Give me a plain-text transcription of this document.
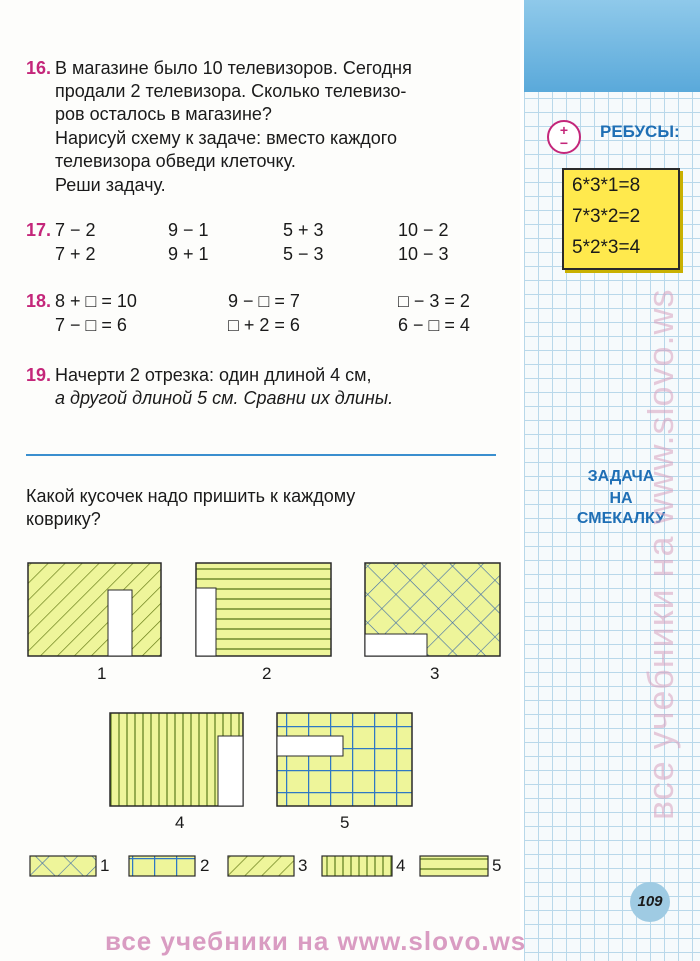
16. В магазине было 10 телевизоров. Сегодня
продали 2 телевизора. Сколько телевизо-
ров осталось в магазине?
Нарисуй схему к задаче: вместо каждого
телевизора обведи клеточку.
Реши задачу.
17. 7 − 2	9 − 1	5 + 3	10 − 2
7 + 2	9 + 1	5 − 3	10 − 3
18. 8 + □ = 10	9 − □ = 7	□ − 3 = 2
7 − □ = 6	□ + 2 = 6	6 − □ = 4
19. Начерти 2 отрезка: один длиной 4 см,
а другой длиной 5 см. Сравни их длины.
Какой кусочек надо пришить к каждому
коврику?
1	2	3
4	5
1	2	3	4	5
+
−
РЕБУСЫ:
6*3*1=8
7*3*2=2
5*2*3=4
ЗАДАЧА
НА
СМЕКАЛКУ
все учебники на www.slovo.ws
109
все учебники на www.slovo.ws
